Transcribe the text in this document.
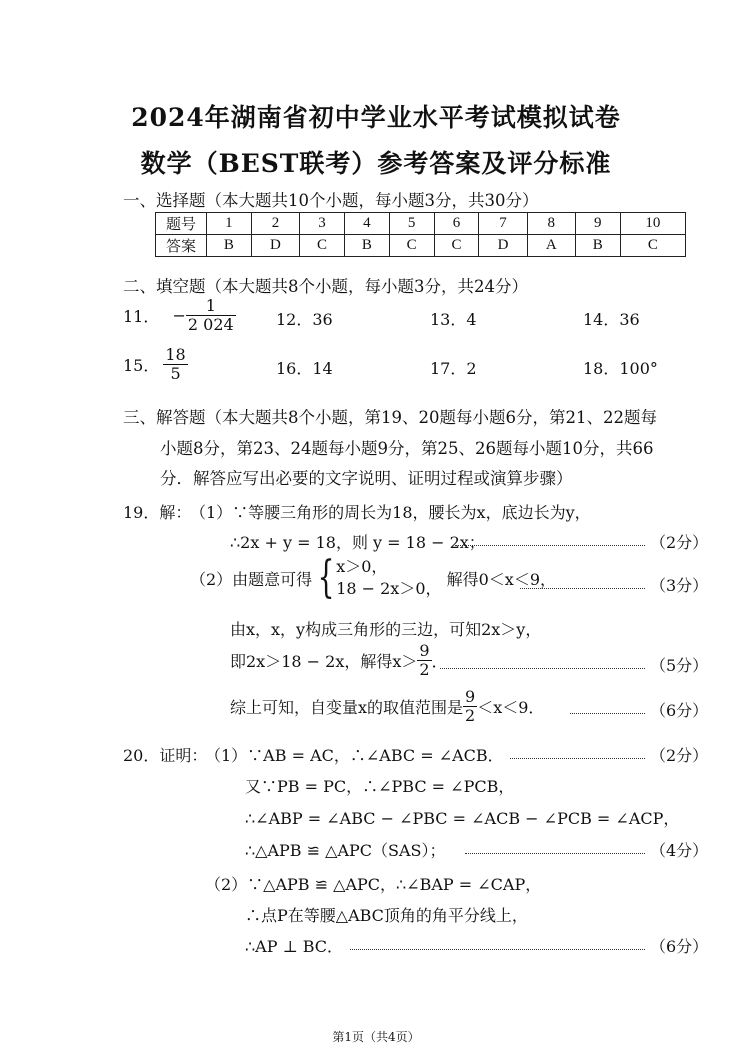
2024年湖南省初中学业水平考试模拟试卷
数学（BEST联考）参考答案及评分标准
一、选择题（本大题共10个小题，每小题3分，共30分）
题号	1	2	3	4	5	6	7	8	9	10
答案	B	D	C	B	C	C	D	A	B	C
二、填空题（本大题共8个小题，每小题3分，共24分）
11． − $\frac{1}{2 024}$	12．36	13．4	14．36
15． $\frac{18}{5}$	16．14	17．2	18．100°
三、解答题（本大题共8个小题，第19、20题每小题6分，第21、22题每
小题8分，第23、24题每小题9分，第25、26题每小题10分，共66
分．解答应写出必要的文字说明、证明过程或演算步骤）
19．解：
（1）∵等腰三角形的周长为18，腰长为x，底边长为y，
∴2x + y = 18，则 y = 18 − 2x；	（2分）
（2）由题意可得 { x＞0，
18 − 2x＞0， 解得0＜x＜9，	（3分）
由x，x，y构成三角形的三边，可知2x＞y，
即2x＞18 − 2x，解得$x> \frac{9}{2}$ ．	（5分）
综上可知，自变量x的取值范围是 $\frac{9}{2} <x<9$．	（6分）
20．证明：
（1）∵AB = AC，∴∠ABC = ∠ACB．	（2分）
又∵PB = PC，∴∠PBC = ∠PCB，
∴∠ABP = ∠ABC − ∠PBC = ∠ACB − ∠PCB = ∠ACP，
∴△APB ≌ △APC（SAS）；	（4分）
（2）∵△APB ≌ △APC，∴∠BAP = ∠CAP，
∴点P在等腰△ABC顶角的角平分线上，
∴AP ⊥ BC．	（6分）
第1页（共4页）
